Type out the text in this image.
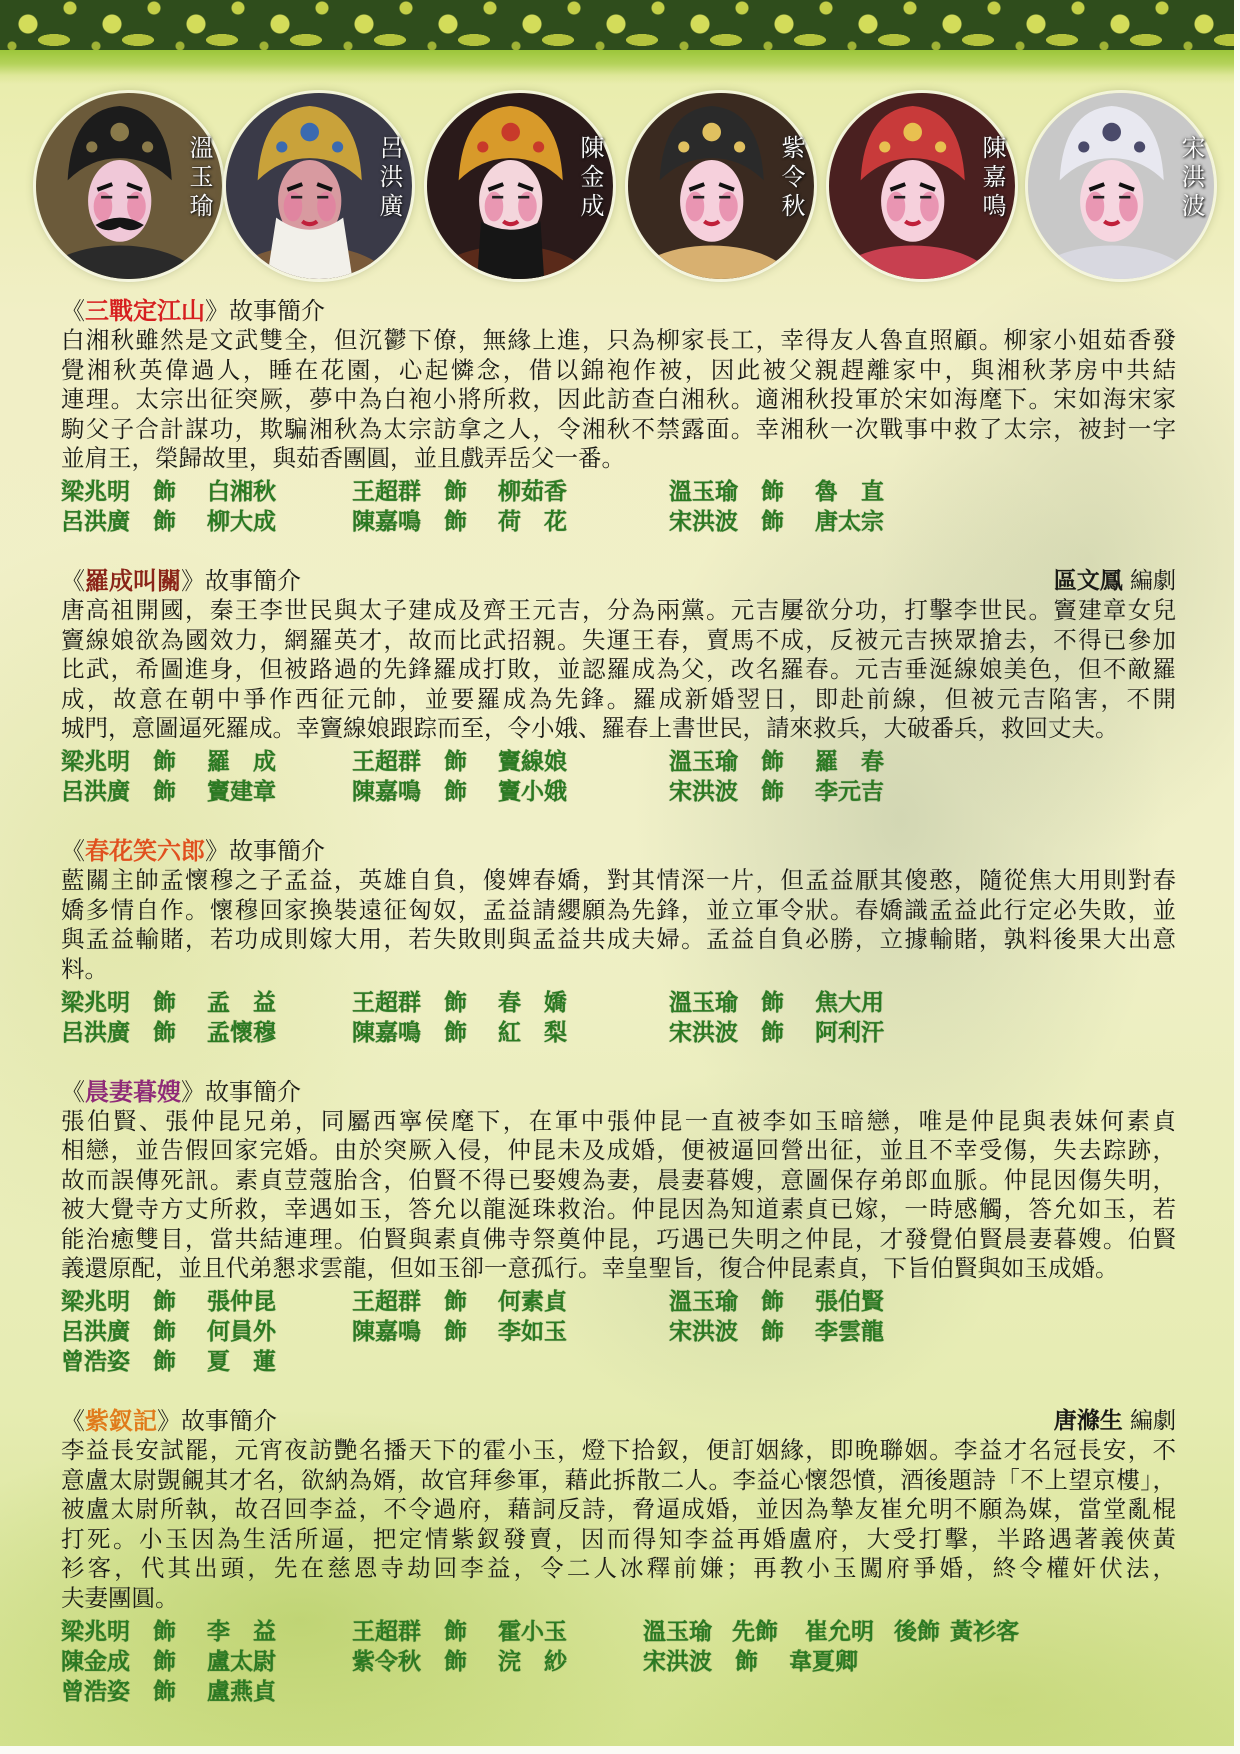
溫玉瑜	呂洪廣	陳金成	紫令秋	陳嘉鳴	宋洪波
《三戰定江山》故事簡介
白湘秋雖然是文武雙全，但沉鬱下僚，無緣上進，只為柳家長工，幸得友人魯直照顧。柳家小姐茹香發
覺湘秋英偉過人，睡在花園，心起憐念，借以錦袍作被，因此被父親趕離家中，與湘秋茅房中共結
連理。太宗出征突厥，夢中為白袍小將所救，因此訪查白湘秋。適湘秋投軍於宋如海麾下。宋如海宋家
駒父子合計謀功，欺騙湘秋為太宗訪拿之人，令湘秋不禁露面。幸湘秋一次戰事中救了太宗，被封一字
並肩王，榮歸故里，與茹香團圓，並且戲弄岳父一番。
梁兆明 飾 白湘秋	王超群 飾 柳茹香	溫玉瑜 飾 魯　直
呂洪廣 飾 柳大成	陳嘉鳴 飾 荷　花	宋洪波 飾 唐太宗
《羅成叫關》故事簡介	區文鳳 編劇
唐高祖開國，秦王李世民與太子建成及齊王元吉，分為兩黨。元吉屢欲分功，打擊李世民。竇建章女兒
竇線娘欲為國效力，網羅英才，故而比武招親。失運王春，賣馬不成，反被元吉挾眾搶去，不得已參加
比武，希圖進身，但被路過的先鋒羅成打敗，並認羅成為父，改名羅春。元吉垂涎線娘美色，但不敵羅
成，故意在朝中爭作西征元帥，並要羅成為先鋒。羅成新婚翌日，即赴前線，但被元吉陷害，不開
城門，意圖逼死羅成。幸竇線娘跟踪而至，令小娥、羅春上書世民，請來救兵，大破番兵，救回丈夫。
梁兆明 飾 羅　成	王超群 飾 竇線娘	溫玉瑜 飾 羅　春
呂洪廣 飾 竇建章	陳嘉鳴 飾 竇小娥	宋洪波 飾 李元吉
《春花笑六郎》故事簡介
藍關主帥孟懷穆之子孟益，英雄自負，傻婢春嬌，對其情深一片，但孟益厭其傻憨，隨從焦大用則對春
嬌多情自作。懷穆回家換裝遠征匈奴，孟益請纓願為先鋒，並立軍令狀。春嬌識孟益此行定必失敗，並
與孟益輸賭，若功成則嫁大用，若失敗則與孟益共成夫婦。孟益自負必勝，立據輸賭，孰料後果大出意
料。
梁兆明 飾 孟　益	王超群 飾 春　嬌	溫玉瑜 飾 焦大用
呂洪廣 飾 孟懷穆	陳嘉鳴 飾 紅　梨	宋洪波 飾 阿利汗
《晨妻暮嫂》故事簡介
張伯賢、張仲昆兄弟，同屬西寧侯麾下，在軍中張仲昆一直被李如玉暗戀，唯是仲昆與表妹何素貞
相戀，並告假回家完婚。由於突厥入侵，仲昆未及成婚，便被逼回營出征，並且不幸受傷，失去踪跡，
故而誤傳死訊。素貞荳蔻胎含，伯賢不得已娶嫂為妻，晨妻暮嫂，意圖保存弟郎血脈。仲昆因傷失明，
被大覺寺方丈所救，幸遇如玉，答允以龍涎珠救治。仲昆因為知道素貞已嫁，一時感觸，答允如玉，若
能治癒雙目，當共結連理。伯賢與素貞佛寺祭奠仲昆，巧遇已失明之仲昆，才發覺伯賢晨妻暮嫂。伯賢
義還原配，並且代弟懇求雲龍，但如玉卻一意孤行。幸皇聖旨，復合仲昆素貞，下旨伯賢與如玉成婚。
梁兆明 飾 張仲昆	王超群 飾 何素貞	溫玉瑜 飾 張伯賢
呂洪廣 飾 何員外	陳嘉鳴 飾 李如玉	宋洪波 飾 李雲龍
曾浩姿 飾 夏　蓮
《紫釵記》故事簡介	唐滌生 編劇
李益長安試罷，元宵夜訪艷名播天下的霍小玉，燈下拾釵，便訂姻緣，即晚聯姻。李益才名冠長安，不
意盧太尉覬覦其才名，欲納為婿，故官拜參軍，藉此拆散二人。李益心懷怨憤，酒後題詩「不上望京樓」，
被盧太尉所執，故召回李益，不令過府，藉詞反詩，脅逼成婚，並因為摯友崔允明不願為媒，當堂亂棍
打死。小玉因為生活所逼，把定情紫釵發賣，因而得知李益再婚盧府，大受打擊，半路遇著義俠黃
衫客，代其出頭，先在慈恩寺劫回李益，令二人冰釋前嫌；再教小玉闖府爭婚，終令權奸伏法，
夫妻團圓。
梁兆明 飾 李　益	王超群 飾 霍小玉	溫玉瑜 先飾 崔允明 後飾 黃衫客
陳金成 飾 盧太尉	紫令秋 飾 浣　紗	宋洪波 飾 韋夏卿
曾浩姿 飾 盧燕貞
